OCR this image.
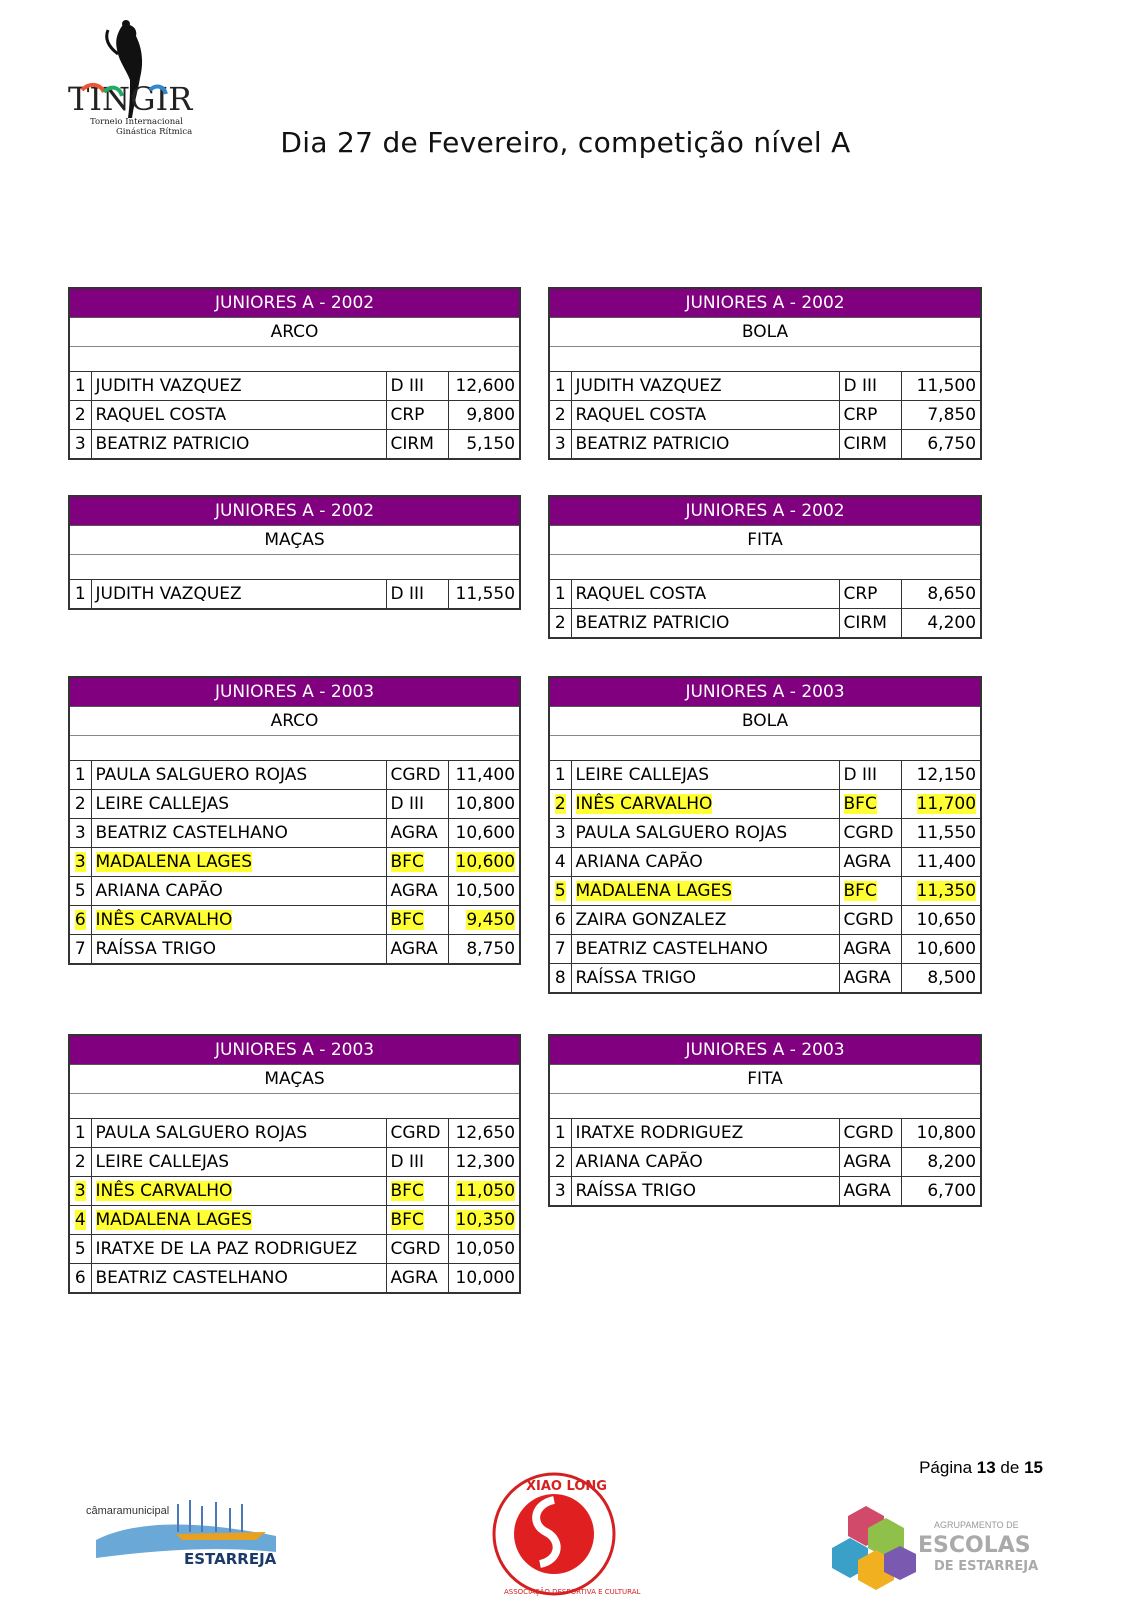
TINGIR
Torneio Internacional
Ginástica Rítmica	Dia 27 de Fevereiro, competição nível A
JUNIORES A - 2002			
ARCO			

1	JUDITH VAZQUEZ	D III	12,600
2	RAQUEL COSTA	CRP	9,800
3	BEATRIZ PATRICIO	CIRM	5,150
JUNIORES A - 2002			
BOLA			

1	JUDITH VAZQUEZ	D III	11,500
2	RAQUEL COSTA	CRP	7,850
3	BEATRIZ PATRICIO	CIRM	6,750
JUNIORES A - 2002
MAÇAS

1	JUDITH VAZQUEZ	D III	11,550
JUNIORES A - 2002			
FITA			

1	RAQUEL COSTA	CRP	8,650
2	BEATRIZ PATRICIO	CIRM	4,200
JUNIORES A - 2003			
ARCO			

1	PAULA SALGUERO ROJAS	CGRD	11,400
2	LEIRE CALLEJAS	D III	10,800
3	BEATRIZ CASTELHANO	AGRA	10,600
3	MADALENA LAGES	BFC	10,600
5	ARIANA CAPÃO	AGRA	10,500
6	INÊS CARVALHO	BFC	9,450
7	RAÍSSA TRIGO	AGRA	8,750
JUNIORES A - 2003			
BOLA			

1	LEIRE CALLEJAS	D III	12,150
2	INÊS CARVALHO	BFC	11,700
3	PAULA SALGUERO ROJAS	CGRD	11,550
4	ARIANA CAPÃO	AGRA	11,400
5	MADALENA LAGES	BFC	11,350
6	ZAIRA GONZALEZ	CGRD	10,650
7	BEATRIZ CASTELHANO	AGRA	10,600
8	RAÍSSA TRIGO	AGRA	8,500
JUNIORES A - 2003			
MAÇAS			

1	PAULA SALGUERO ROJAS	CGRD	12,650
2	LEIRE CALLEJAS	D III	12,300
3	INÊS CARVALHO	BFC	11,050
4	MADALENA LAGES	BFC	10,350
5	IRATXE DE LA PAZ RODRIGUEZ	CGRD	10,050
6	BEATRIZ CASTELHANO	AGRA	10,000
JUNIORES A - 2003			
FITA			

1	IRATXE RODRIGUEZ	CGRD	10,800
2	ARIANA CAPÃO	AGRA	8,200
3	RAÍSSA TRIGO	AGRA	6,700
Página 13 de 15
câmaramunicipal
ESTARREJA
XIAO LONG
ASSOCIAÇÃO DESPORTIVA E CULTURAL
AGRUPAMENTO DE
ESCOLAS
DE ESTARREJA
